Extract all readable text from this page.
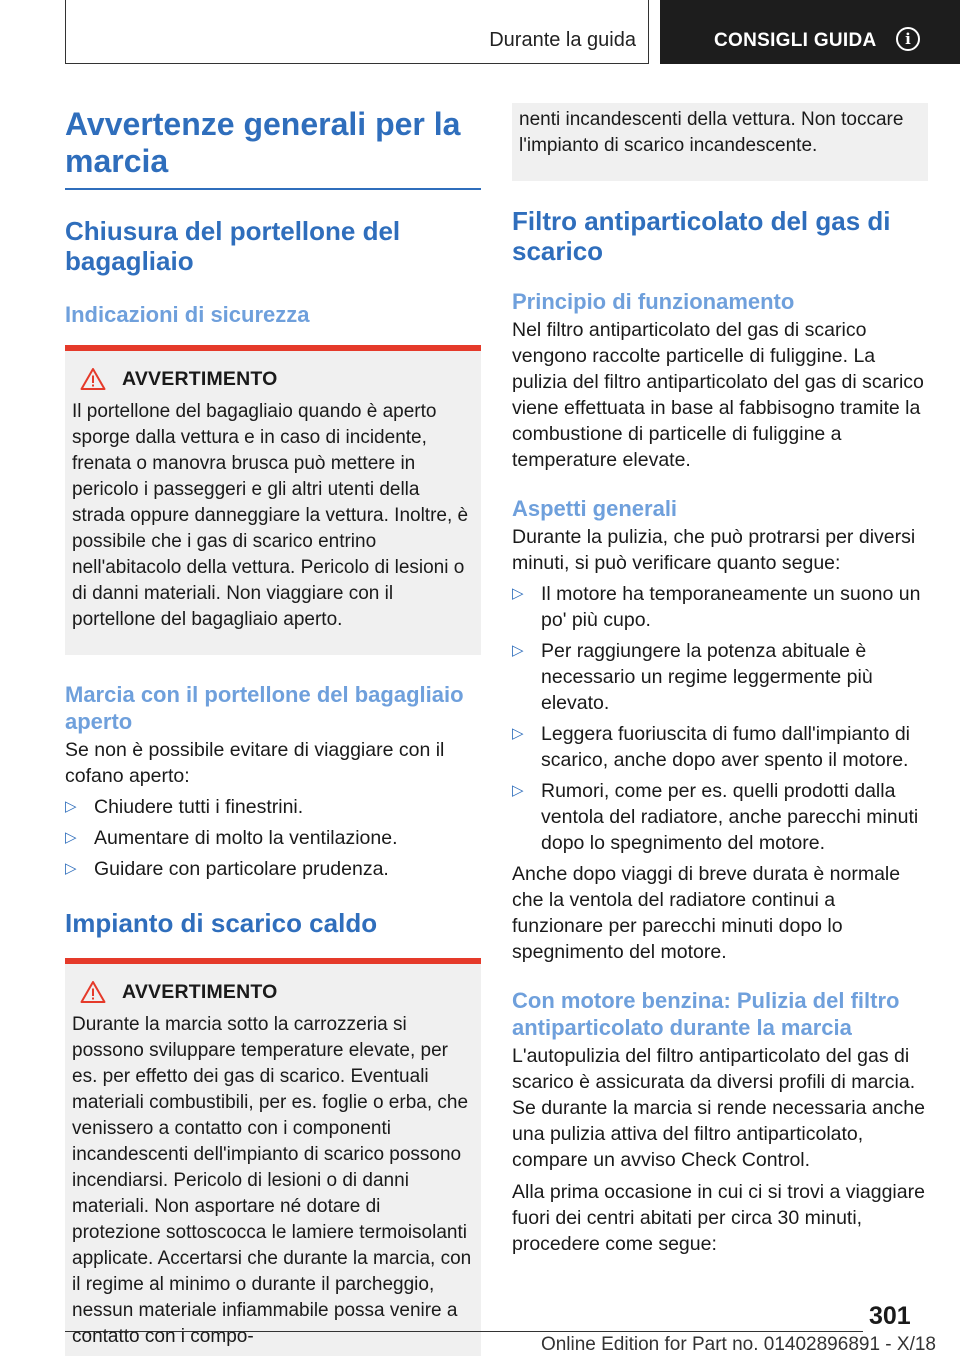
Durante la guida	CONSIGLI GUIDA	i
Avvertenze generali per la marcia
Chiusura del portellone del bagagliaio
Indicazioni di sicurezza
AVVERTIMENTO

Il portellone del bagagliaio quando è aperto sporge dalla vettura e in caso di incidente, frenata o manovra brusca può mettere in pericolo i passeggeri e gli altri utenti della strada oppure danneggiare la vettura. Inoltre, è possibile che i gas di scarico entrino nell'abitacolo della vettura. Pericolo di lesioni o di danni materiali. Non viaggiare con il portellone del bagagliaio aperto.

Marcia con il portellone del bagagliaio aperto

Se non è possibile evitare di viaggiare con il cofano aperto:

▷ Chiudere tutti i finestrini.
▷ Aumentare di molto la ventilazione.
▷ Guidare con particolare prudenza.
Impianto di scarico caldo
AVVERTIMENTO

Durante la marcia sotto la carrozzeria si possono sviluppare temperature elevate, per es. per effetto dei gas di scarico. Eventuali materiali combustibili, per es. foglie o erba, che venissero a contatto con i componenti incandescenti dell'impianto di scarico possono incendiarsi. Pericolo di lesioni o di danni materiali. Non asportare né dotare di protezione sottoscocca le lamiere termoisolanti applicate. Accertarsi che durante la marcia, con il regime al minimo o durante il parcheggio, nessun materiale infiammabile possa venire a contatto con i compo-

nenti incandescenti della vettura. Non toccare l'impianto di scarico incandescente.

Filtro antiparticolato del gas di scarico
Principio di funzionamento

Nel filtro antiparticolato del gas di scarico vengono raccolte particelle di fuliggine. La pulizia del filtro antiparticolato del gas di scarico viene effettuata in base al fabbisogno tramite la combustione di particelle di fuliggine a temperature elevate.

Aspetti generali

Durante la pulizia, che può protrarsi per diversi minuti, si può verificare quanto segue:

▷ Il motore ha temporaneamente un suono un po' più cupo.
▷ Per raggiungere la potenza abituale è necessario un regime leggermente più elevato.
▷ Leggera fuoriuscita di fumo dall'impianto di scarico, anche dopo aver spento il motore.
▷ Rumori, come per es. quelli prodotti dalla ventola del radiatore, anche parecchi minuti dopo lo spegnimento del motore.

Anche dopo viaggi di breve durata è normale che la ventola del radiatore continui a funzionare per parecchi minuti dopo lo spegnimento del motore.

Con motore benzina: Pulizia del filtro antiparticolato durante la marcia

L'autopulizia del filtro antiparticolato del gas di scarico è assicurata da diversi profili di marcia. Se durante la marcia si rende necessaria anche una pulizia attiva del filtro antiparticolato, compare un avviso Check Control.

Alla prima occasione in cui ci si trovi a viaggiare fuori dei centri abitati per circa 30 minuti, procedere come segue:

301
Online Edition for Part no. 01402896891 - X/18
